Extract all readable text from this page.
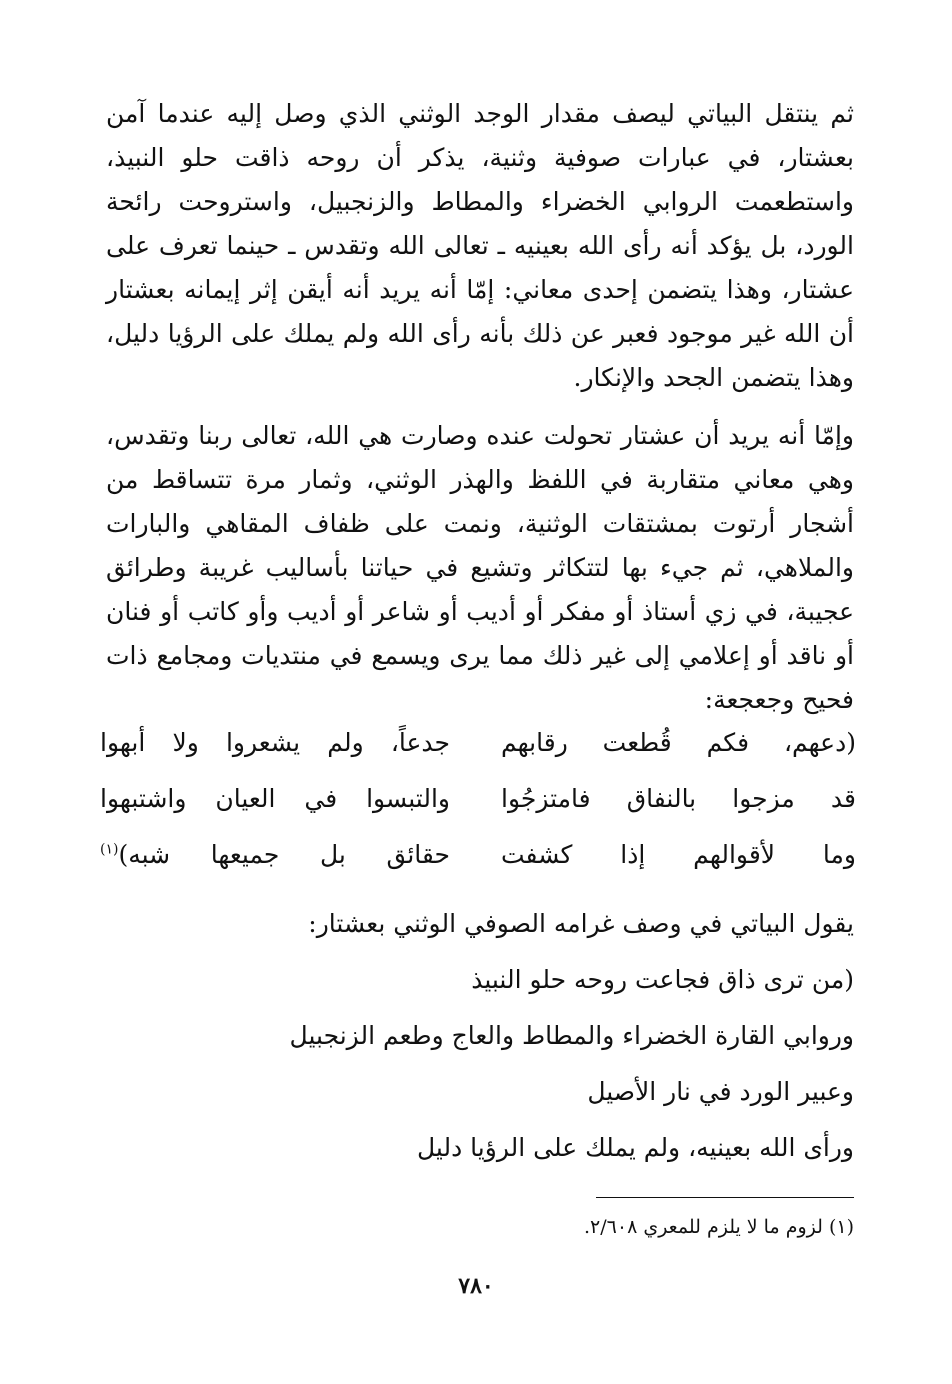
ثم ينتقل البياتي ليصف مقدار الوجد الوثني الذي وصل إليه عندما آمن بعشتار، في عبارات صوفية وثنية، يذكر أن روحه ذاقت حلو النبيذ، واستطعمت الروابي الخضراء والمطاط والزنجبيل، واستروحت رائحة الورد، بل يؤكد أنه رأى الله بعينيه ـ تعالى الله وتقدس ـ حينما تعرف على عشتار، وهذا يتضمن إحدى معاني: إمّا أنه يريد أنه أيقن إثر إيمانه بعشتار أن الله غير موجود فعبر عن ذلك بأنه رأى الله ولم يملك على الرؤيا دليل، وهذا يتضمن الجحد والإنكار.

وإمّا أنه يريد أن عشتار تحولت عنده وصارت هي الله، تعالى ربنا وتقدس، وهي معاني متقاربة في اللفظ والهذر الوثني، وثمار مرة تتساقط من أشجار أرتوت بمشتقات الوثنية، ونمت على ظفاف المقاهي والبارات والملاهي، ثم جيء بها لتتكاثر وتشيع في حياتنا بأساليب غريبة وطرائق عجيبة، في زي أستاذ أو مفكر أو أديب أو شاعر أو أديب وأو كاتب أو فنان أو ناقد أو إعلامي إلى غير ذلك مما يرى ويسمع في منتديات ومجامع ذات فحيح وجعجعة:

(دعهم، فكم قُطعت رقابهم
جدعاً، ولم يشعروا ولا أبهوا
قد مزجوا بالنفاق فامتزجُوا
والتبسوا في العيان واشتبهوا
وما لأقوالهم إذا كشفت
حقائق بل جميعها شبه)$^{(١)}$

يقول البياتي في وصف غرامه الصوفي الوثني بعشتار:

(من ترى ذاق فجاعت روحه حلو النبيذ
وروابي القارة الخضراء والمطاط والعاج وطعم الزنجبيل
وعبير الورد في نار الأصيل
ورأى الله بعينيه، ولم يملك على الرؤيا دليل

(١) لزوم ما لا يلزم للمعري ٢/٦٠٨.

٧٨٠
